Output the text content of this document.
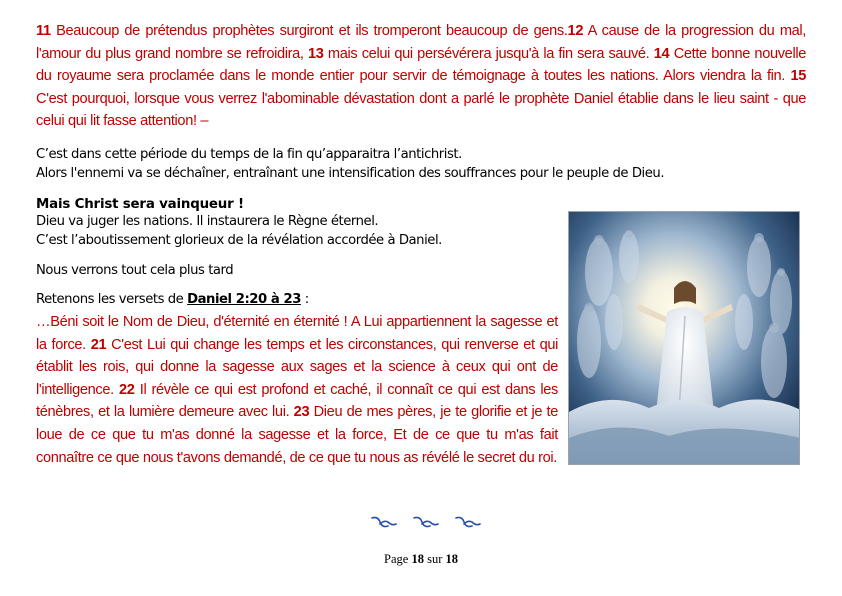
11 Beaucoup de prétendus prophètes surgiront et ils tromperont beaucoup de gens.12 A cause de la progression du mal, l'amour du plus grand nombre se refroidira, 13 mais celui qui persévérera jusqu'à la fin sera sauvé. 14 Cette bonne nouvelle du royaume sera proclamée dans le monde entier pour servir de témoignage à toutes les nations. Alors viendra la fin. 15 C'est pourquoi, lorsque vous verrez l'abominable dévastation dont a parlé le prophète Daniel établie dans le lieu saint - que celui qui lit fasse attention! –
C’est dans cette période du temps de la fin qu’apparaitra l’antichrist.
Alors l'ennemi va se déchaîner, entraînant une intensification des souffrances pour le peuple de Dieu.
Mais Christ sera vainqueur !
Dieu va juger les nations. Il instaurera le Règne éternel.
C’est l’aboutissement glorieux de la révélation accordée à Daniel.
Nous verrons tout cela plus tard
Retenons les versets de Daniel 2:20 à 23 :
…Béni soit le Nom de Dieu, d'éternité en éternité ! A Lui appartiennent la sagesse et la force. 21 C'est Lui qui change les temps et les circonstances, qui renverse et qui établit les rois, qui donne la sagesse aux sages et la science à ceux qui ont de l'intelligence. 22 Il révèle ce qui est profond et caché, il connaît ce qui est dans les ténèbres, et la lumière demeure avec lui. 23 Dieu de mes pères, je te glorifie et je te loue de ce que tu m'as donné la sagesse et la force, Et de ce que tu m'as fait connaître ce que nous t'avons demandé, de ce que tu nous as révélé le secret du roi.
Page 18 sur 18
